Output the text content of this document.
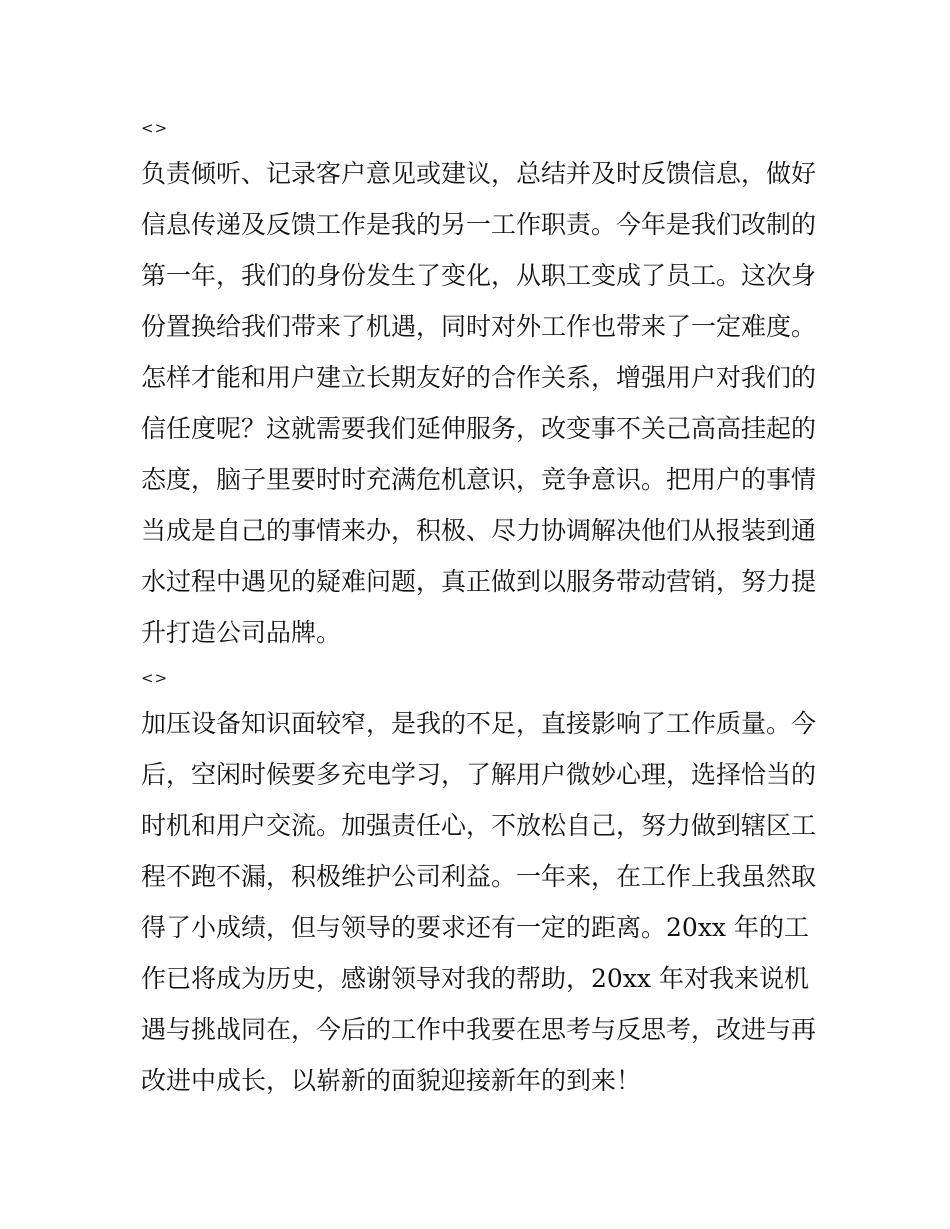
<>
负责倾听、记录客户意见或建议，总结并及时反馈信息，做好
信息传递及反馈工作是我的另一工作职责。今年是我们改制的
第一年，我们的身份发生了变化，从职工变成了员工。这次身
份置换给我们带来了机遇，同时对外工作也带来了一定难度。
怎样才能和用户建立长期友好的合作关系，增强用户对我们的
信任度呢？这就需要我们延伸服务，改变事不关己高高挂起的
态度，脑子里要时时充满危机意识，竞争意识。把用户的事情
当成是自己的事情来办，积极、尽力协调解决他们从报装到通
水过程中遇见的疑难问题，真正做到以服务带动营销，努力提
升打造公司品牌。
<>
加压设备知识面较窄，是我的不足，直接影响了工作质量。今
后，空闲时候要多充电学习，了解用户微妙心理，选择恰当的
时机和用户交流。加强责任心，不放松自己，努力做到辖区工
程不跑不漏，积极维护公司利益。一年来，在工作上我虽然取
得了小成绩，但与领导的要求还有一定的距离。20xx 年的工
作已将成为历史，感谢领导对我的帮助，20xx 年对我来说机
遇与挑战同在，今后的工作中我要在思考与反思考，改进与再
改进中成长，以崭新的面貌迎接新年的到来！
